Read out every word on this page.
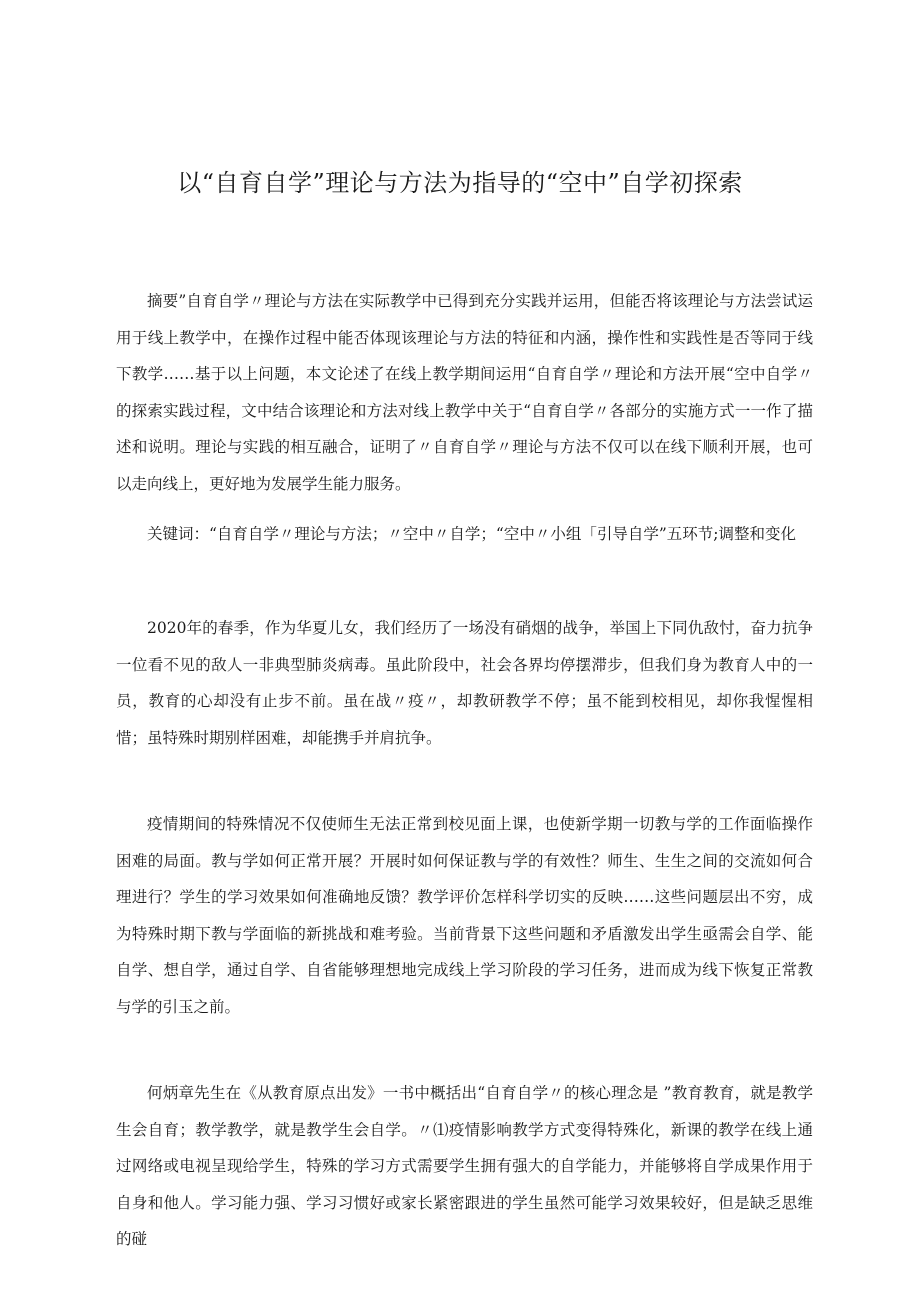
以“自育自学”理论与方法为指导的“空中”自学初探索

摘要”自育自学〃理论与方法在实际教学中已得到充分实践并运用，但能否将该理论与方法尝试运用于线上教学中，在操作过程中能否体现该理论与方法的特征和内涵，操作性和实践性是否等同于线下教学……基于以上问题，本文论述了在线上教学期间运用“自育自学〃理论和方法开展“空中自学〃的探索实践过程，文中结合该理论和方法对线上教学中关于“自育自学〃各部分的实施方式一一作了描述和说明。理论与实践的相互融合，证明了〃自育自学〃理论与方法不仅可以在线下顺利开展，也可以走向线上，更好地为发展学生能力服务。

关键词：“自育自学〃理论与方法；〃空中〃自学；“空中〃小组「引导自学”五环节;调整和变化

2020年的春季，作为华夏儿女，我们经历了一场没有硝烟的战争，举国上下同仇敌忖，奋力抗争一位看不见的敌人一非典型肺炎病毒。虽此阶段中，社会各界均停摆滞步，但我们身为教育人中的一员，教育的心却没有止步不前。虽在战〃疫〃，却教研教学不停；虽不能到校相见，却你我惺惺相惜；虽特殊时期别样困难，却能携手并肩抗争。

疫情期间的特殊情况不仅使师生无法正常到校见面上课，也使新学期一切教与学的工作面临操作困难的局面。教与学如何正常开展？开展时如何保证教与学的有效性？师生、生生之间的交流如何合理进行？学生的学习效果如何准确地反馈？教学评价怎样科学切实的反映……这些问题层出不穷，成为特殊时期下教与学面临的新挑战和难考验。当前背景下这些问题和矛盾激发出学生亟需会自学、能自学、想自学，通过自学、自省能够理想地完成线上学习阶段的学习任务，进而成为线下恢复正常教与学的引玉之前。

何炳章先生在《从教育原点出发》一书中概括出“自育自学〃的核心理念是 ”教育教育，就是教学生会自育；教学教学，就是教学生会自学。〃⑴疫情影响教学方式变得特殊化，新课的教学在线上通过网络或电视呈现给学生，特殊的学习方式需要学生拥有强大的自学能力，并能够将自学成果作用于自身和他人。学习能力强、学习习惯好或家长紧密跟进的学生虽然可能学习效果较好，但是缺乏思维的碰
